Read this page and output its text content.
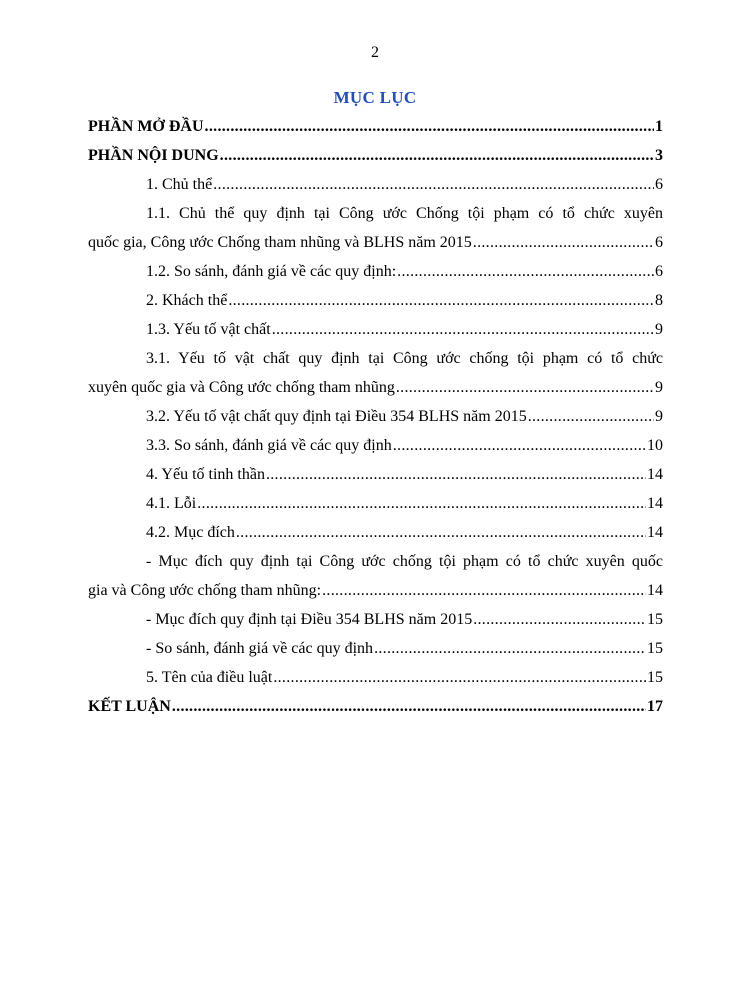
2
MỤC LỤC
PHẦN MỞ ĐẦU .....	1
PHẦN NỘI DUNG .....	3
1. Chủ thể .....	6
1.1. Chủ thể quy định tại Công ước Chống tội phạm có tổ chức xuyên
quốc gia, Công ước Chống tham nhũng và BLHS năm 2015 .....	6
1.2. So sánh, đánh giá về các quy định: .....	6
2. Khách thể .....	8
1.3. Yếu tố vật chất .....	9
3.1. Yếu tố vật chất quy định tại Công ước chống tội phạm có tổ chức
xuyên quốc gia và Công ước chống tham nhũng .....	9
3.2. Yếu tố vật chất quy định tại Điều 354 BLHS năm 2015 .....	9
3.3. So sánh, đánh giá về các quy định .....	10
4. Yếu tố tinh thần .....	14
4.1. Lỗi .....	14
4.2. Mục đích .....	14
- Mục đích quy định tại Công ước chống tội phạm có tổ chức xuyên quốc
gia và Công ước chống tham nhũng: .....	14
- Mục đích quy định tại Điều 354 BLHS năm 2015 .....	15
- So sánh, đánh giá về các quy định .....	15
5. Tên của điều luật .....	15
KẾT LUẬN .....	17
